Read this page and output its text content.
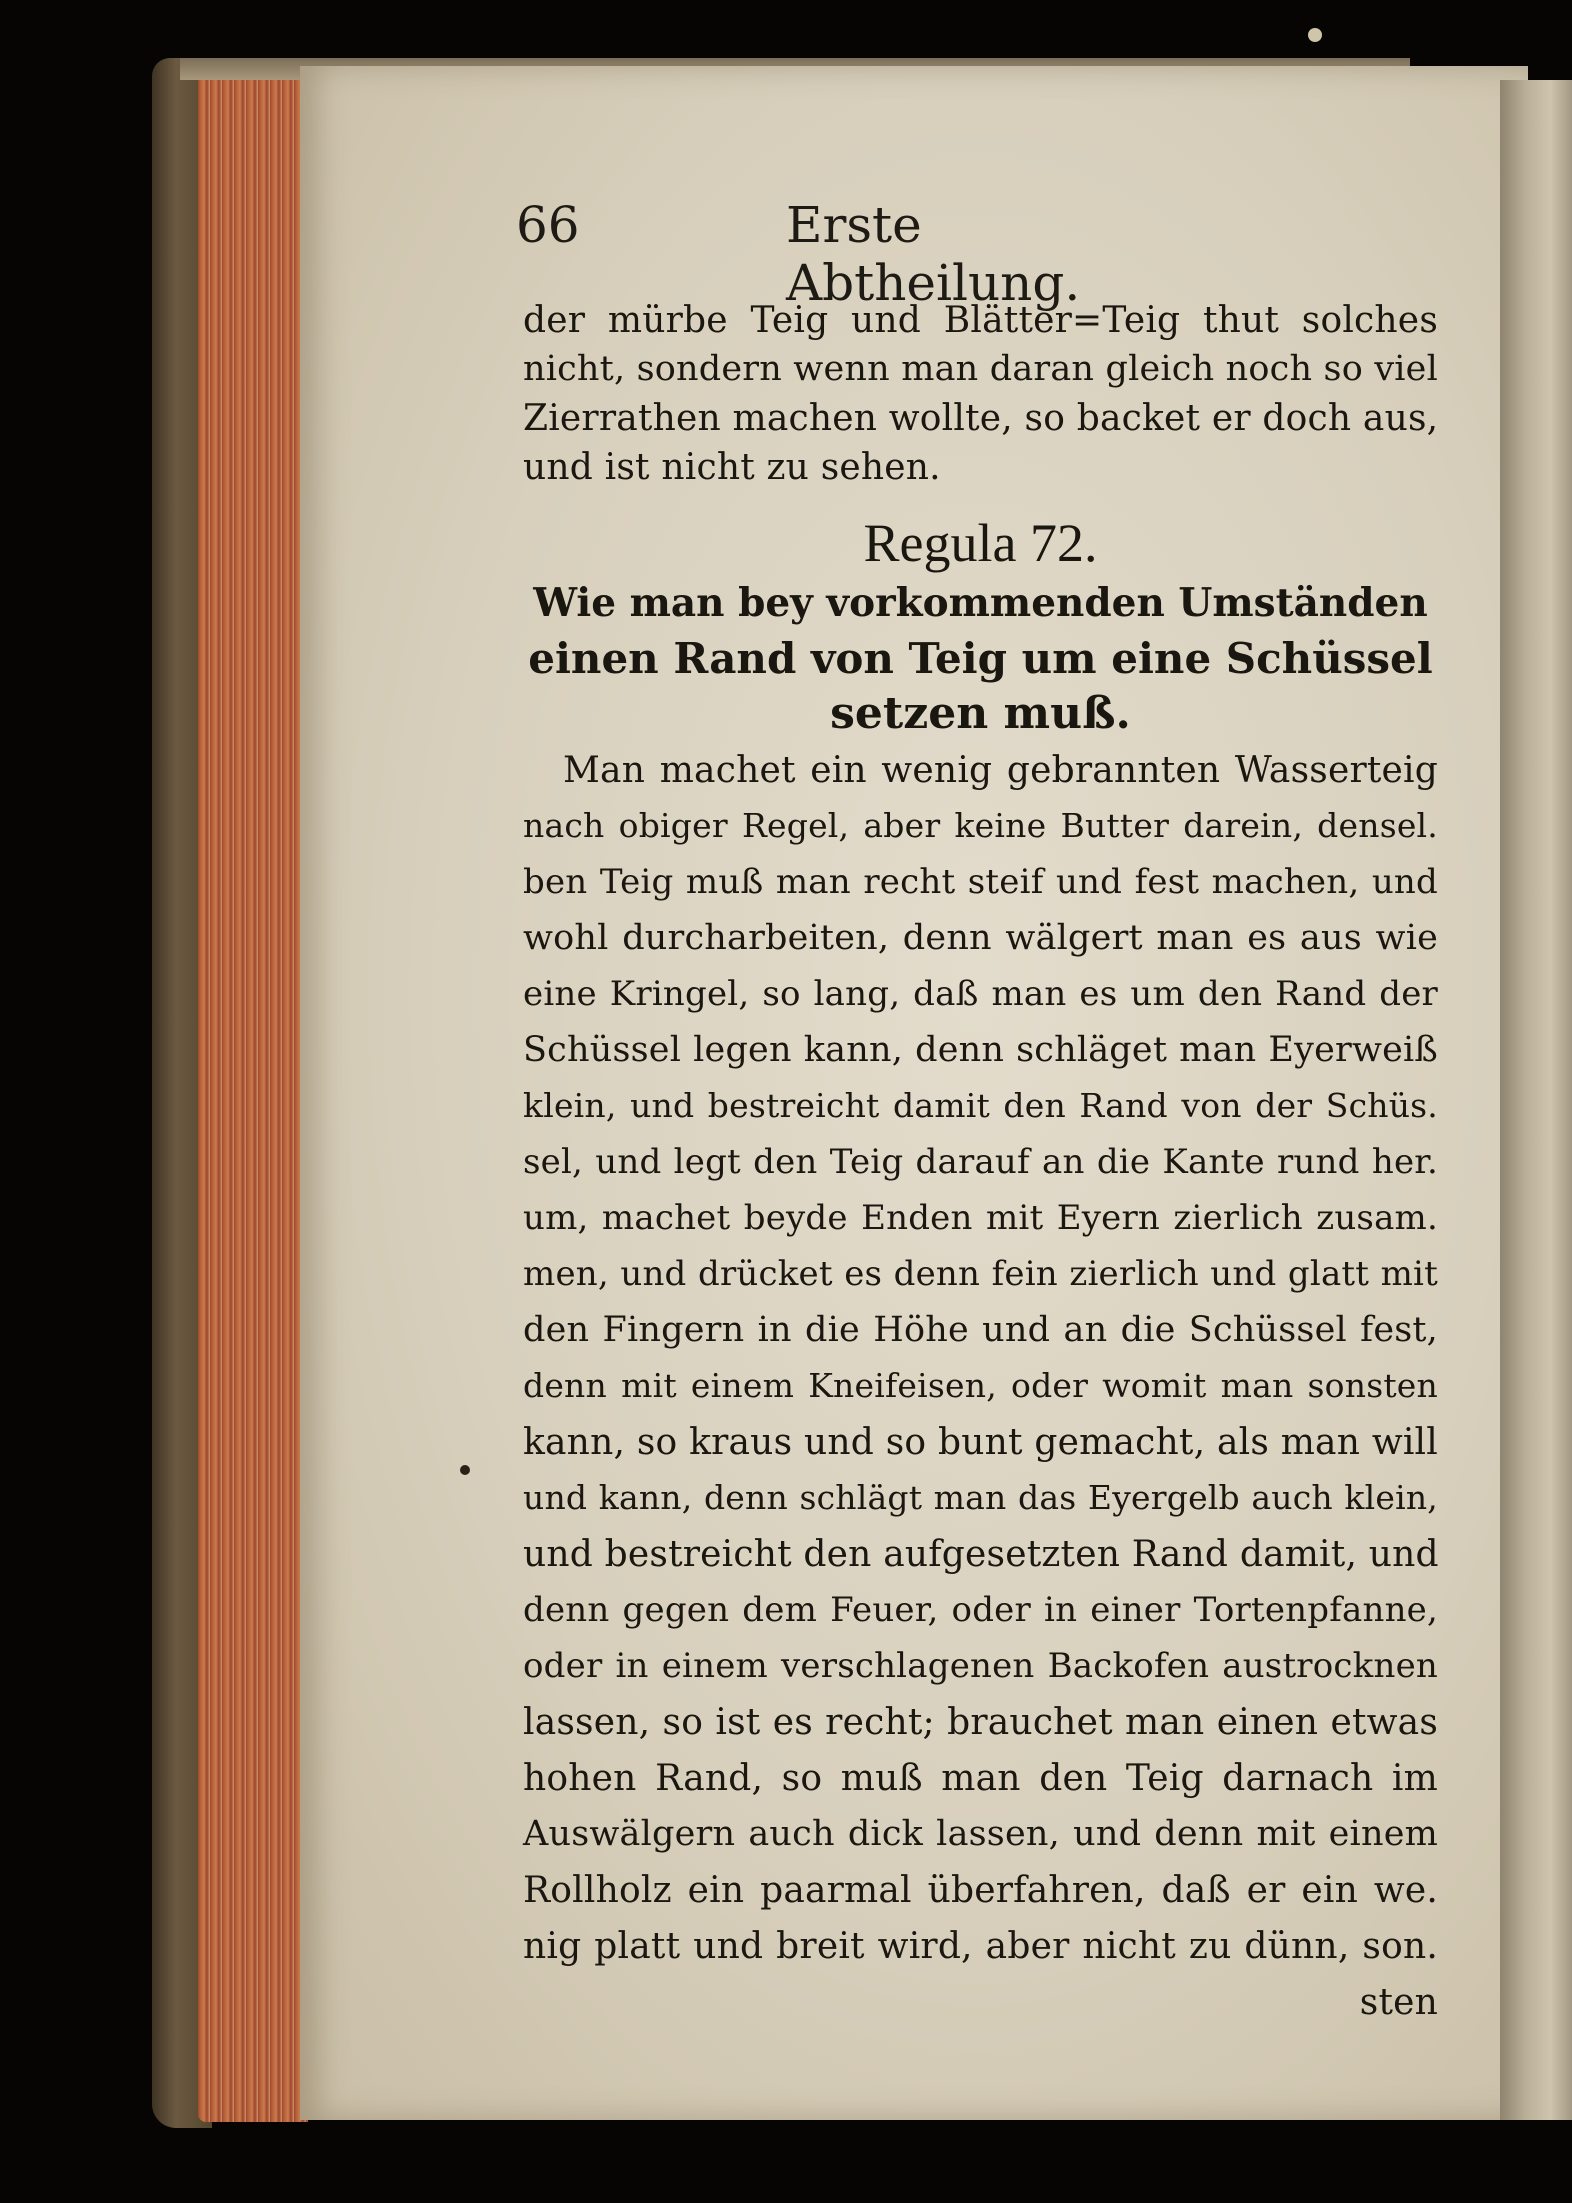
66	Erste Abtheilung.
der mürbe Teig und Blätter=Teig thut solches
nicht, sondern wenn man daran gleich noch so viel
Zierrathen machen wollte, so backet er doch aus,
und ist nicht zu sehen.
Regula 72.
Wie man bey vorkommenden Umständen
einen Rand von Teig um eine Schüssel
setzen muß.
Man machet ein wenig gebrannten Wasserteig
nach obiger Regel, aber keine Butter darein, densel.
ben Teig muß man recht steif und fest machen, und
wohl durcharbeiten, denn wälgert man es aus wie
eine Kringel, so lang, daß man es um den Rand der
Schüssel legen kann, denn schläget man Eyerweiß
klein, und bestreicht damit den Rand von der Schüs.
sel, und legt den Teig darauf an die Kante rund her.
um, machet beyde Enden mit Eyern zierlich zusam.
men, und drücket es denn fein zierlich und glatt mit
den Fingern in die Höhe und an die Schüssel fest,
denn mit einem Kneifeisen, oder womit man sonsten
kann, so kraus und so bunt gemacht, als man will
und kann, denn schlägt man das Eyergelb auch klein,
und bestreicht den aufgesetzten Rand damit, und
denn gegen dem Feuer, oder in einer Tortenpfanne,
oder in einem verschlagenen Backofen austrocknen
lassen, so ist es recht; brauchet man einen etwas
hohen Rand, so muß man den Teig darnach im
Auswälgern auch dick lassen, und denn mit einem
Rollholz ein paarmal überfahren, daß er ein we.
nig platt und breit wird, aber nicht zu dünn, son.
sten
